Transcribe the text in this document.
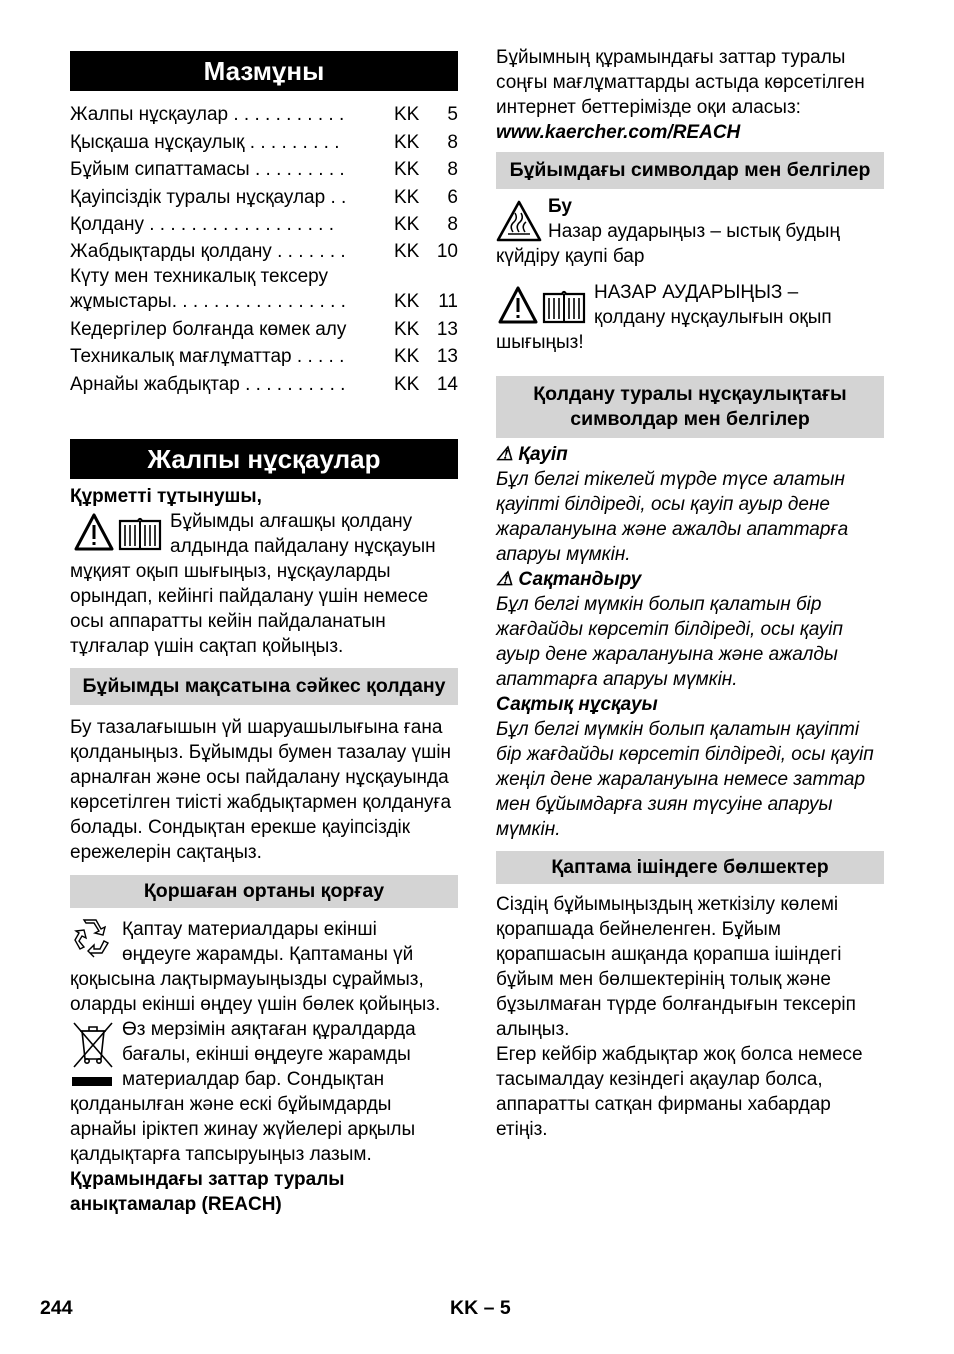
Мазмұны
Жалпы нұсқаулар . . . . . . . . . . .	KK	5
Қысқаша нұсқаулық . . . . . . . . .	KK	8
Бұйым сипаттамасы . . . . . . . . .	KK	8
Қауіпсіздік туралы нұсқаулар . .	KK	6
Қолдану . . . . . . . . . . . . . . . . . .	KK	8
Жабдықтарды қолдану . . . . . . .	KK	10
Күту мен техникалық тексеру жұмыстары. . . . . . . . . . . . . . . . .	KK	11
Кедергілер болғанда көмек алу	KK	13
Техникалық мағлұматтар . . . . .	KK	13
Арнайы жабдықтар . . . . . . . . . .	KK	14
Жалпы нұсқаулар

Құрметті тұтынушы,

Бұйымды алғашқы қолдану

алдында пайдалану нұсқауын

мұқият оқып шығыңыз, нұсқауларды орындап, кейінгі пайдалану үшін немесе осы аппаратты кейін пайдаланатын тұлғалар үшін сақтап қойыңыз.

Бұйымды мақсатына сәйкес қолдану

Бу тазалағышын үй шаруашылығына ғана қолданыңыз. Бұйымды бумен тазалау үшін арналған және осы пайдалану нұсқауында көрсетілген тиісті жабдықтармен қолдануға болады. Сондықтан ерекше қауіпсіздік ережелерін сақтаңыз.

Қоршаған ортаны қорғау

Қаптау материалдары екінші

өңдеуге жарамды. Қаптаманы үй

қоқысына лақтырмауыңызды сұраймыз, оларды екінші өңдеу үшін бөлек қойыңыз.

Өз мерзімін аяқтаған құралдарда

бағалы, екінші өңдеуге жарамды

материалдар бар. Сондықтан

қолданылған және ескі бұйымдарды арнайы іріктеп жинау жүйелері арқылы қалдықтарға тапсыруыңыз лазым.

Құрамындағы заттар туралы анықтамалар (REACH)

Бұйымның құрамындағы заттар туралы соңғы мағлұматтарды астыда көрсетілген интернет беттерімізде оқи аласыз:

www.kaercher.com/REACH

Бұйымдағы символдар мен белгілер

Бу

Назар аударыңыз – ыстық будың

күйдіру қаупі бар

НАЗАР АУДАРЫҢЫЗ –

қолдану нұсқаулығын оқып

шығыңыз!

Қолдану туралы нұсқаулықтағы символдар мен белгілер

⚠ Қауіп

Бұл белгі тікелей түрде түсе алатын қауіпті білдіреді, осы қауіп ауыр дене жаралануына және ажалды апаттарға апаруы мүмкін.

⚠ Сақтандыру

Бұл белгі мүмкін болып қалатын бір жағдайды көрсетіп білдіреді, осы қауіп ауыр дене жаралануына және ажалды апаттарға апаруы мүмкін.

Сақтық нұсқауы

Бұл белгі мүмкін болып қалатын қауіпті бір жағдайды көрсетіп білдіреді, осы қауіп жеңіл дене жаралануына немесе заттар мен бұйымдарға зиян түсуіне апаруы мүмкін.

Қаптама ішіндеге бөлшектер

Сіздің бұйымыңыздың жеткізілу көлемі қорапшада бейнеленген. Бұйым қорапшасын ашқанда қорапша ішіндегі бұйым мен бөлшектерінің толық және бұзылмаған түрде болғандығын тексеріп алыңыз.

Егер кейбір жабдықтар жоқ болса немесе тасымалдау кезіндегі ақаулар болса, аппаратты сатқан фирманы хабардар етіңіз.

244	KK – 5
